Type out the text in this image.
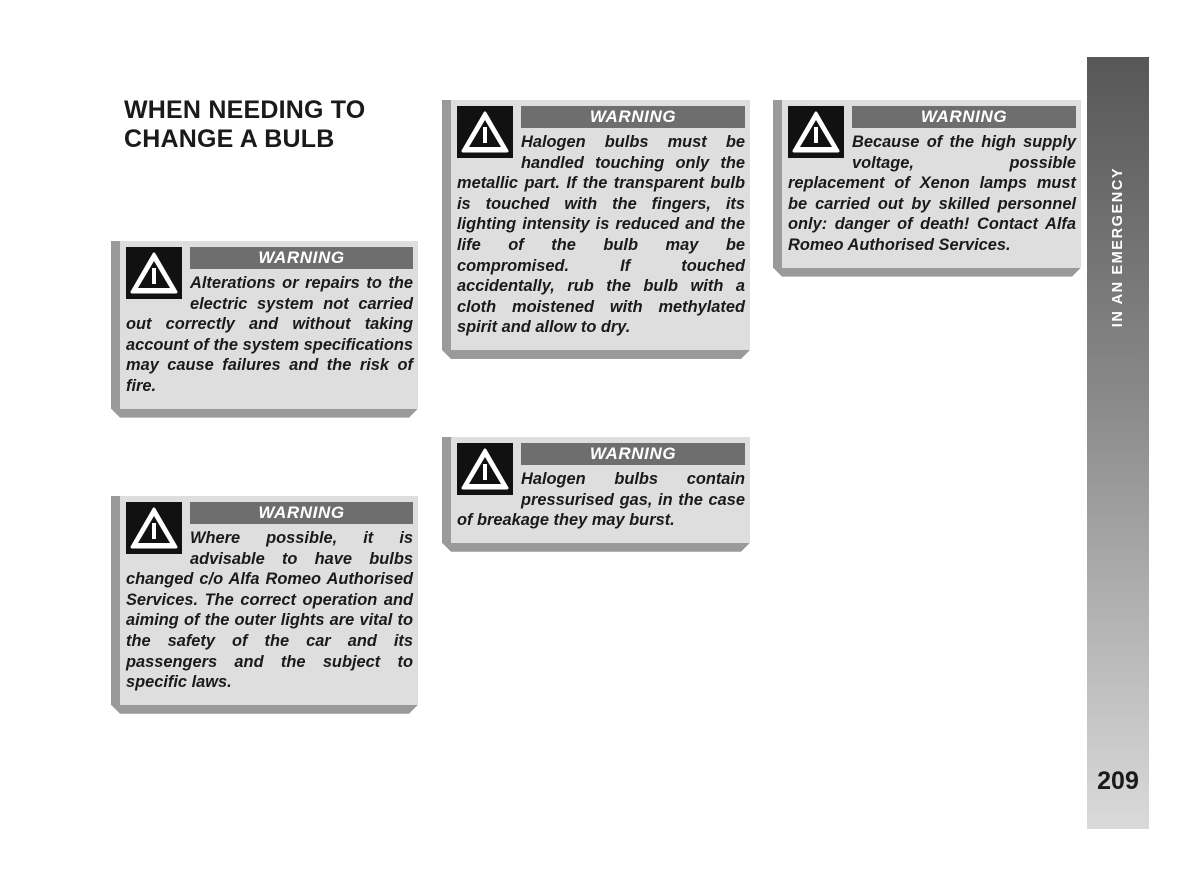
WHEN NEEDING TO CHANGE A BULB
WARNING

Alterations or repairs to the electric system not carried out correctly and without taking account of the system specifications may cause failures and the risk of fire.

WARNING

Where possible, it is advisable to have bulbs changed c/o Alfa Romeo Authorised Services. The correct operation and aiming of the outer lights are vital to the safety of the car and its passengers and the subject to specific laws.

WARNING

Halogen bulbs must be handled touching only the metallic part. If the transparent bulb is touched with the fingers, its lighting intensity is reduced and the life of the bulb may be compromised. If touched accidentally, rub the bulb with a cloth moistened with methylated spirit and allow to dry.

WARNING

Halogen bulbs contain pressurised gas, in the case of breakage they may burst.

WARNING

Because of the high supply voltage, possible replacement of Xenon lamps must be carried out by skilled personnel only: danger of death! Contact Alfa Romeo Authorised Services.	IN AN EMERGENCY
209
